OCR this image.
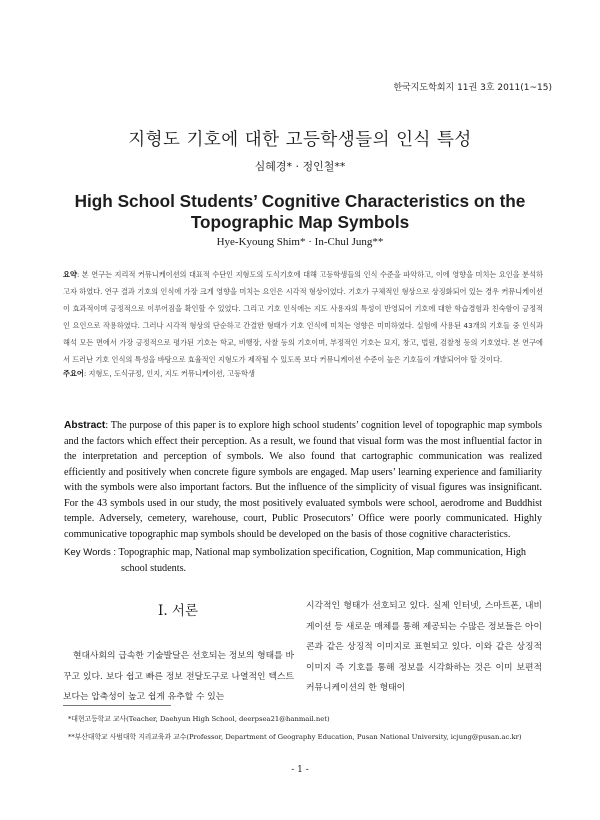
한국지도학회지 11권 3호 2011(1~15)
지형도 기호에 대한 고등학생들의 인식 특성
심혜경* · 정인철**
High School Students’ Cognitive Characteristics on the
Topographic Map Symbols
Hye-Kyoung Shim* · In-Chul Jung**
요약: 본 연구는 지리적 커뮤니케이션의 대표적 수단인 지형도의 도식기호에 대해 고등학생들의 인식 수준을 파악하고, 이에 영향을 미치는 요인을 분석하고자 하였다. 연구 결과 기호의 인식에 가장 크게 영향을 미치는 요인은 시각적 형상이었다. 기호가 구체적인 형상으로 상징화되어 있는 경우 커뮤니케이션이 효과적이며 긍정적으로 이루어짐을 확인할 수 있었다. 그리고 기호 인식에는 지도 사용자의 특성이 반영되어 기호에 대한 학습경험과 친숙함이 긍정적인 요인으로 작용하였다. 그러나 시각적 형상의 단순하고 간결한 형태가 기호 인식에 미치는 영향은 미미하였다. 실험에 사용된 43개의 기호들 중 인식과 해석 모든 면에서 가장 긍정적으로 평가된 기호는 학교, 비행장, 사찰 등의 기호이며, 부정적인 기호는 묘지, 창고, 법원, 검찰청 등의 기호였다. 본 연구에서 드러난 기호 인식의 특성을 바탕으로 효율적인 지형도가 제작될 수 있도록 보다 커뮤니케이션 수준이 높은 기호들이 개발되어야 할 것이다.
주요어: 지형도, 도식규정, 인지, 지도 커뮤니케이션, 고등학생
Abstract: The purpose of this paper is to explore high school students’ cognition level of topographic map symbols and the factors which effect their perception. As a result, we found that visual form was the most influential factor in the interpretation and perception of symbols. We also found that cartographic communication was realized efficiently and positively when concrete figure symbols are engaged. Map users’ learning experience and familiarity with the symbols were also important factors. But the influence of the simplicity of visual figures was insignificant. For the 43 symbols used in our study, the most positively evaluated symbols were school, aerodrome and Buddhist temple. Adversely, cemetery, warehouse, court, Public Prosecutors’ Office were poorly communicated. Highly communicative topographic map symbols should be developed on the basis of those cognitive characteristics.
Key Words : Topographic map, National map symbolization specification, Cognition, Map communication, High
school students.
I. 서론
현대사회의 급속한 기술발달은 선호되는 정보의 형태를 바꾸고 있다. 보다 쉽고 빠른 정보 전달도구로 나열적인 텍스트보다는 압축성이 높고 쉽게 유추할 수 있는
시각적인 형태가 선호되고 있다. 실제 인터넷, 스마트폰, 내비게이션 등 새로운 매체를 통해 제공되는 수많은 정보들은 아이콘과 같은 상징적 이미지로 표현되고 있다. 이와 같은 상징적 이미지 즉 기호를 통해 정보를 시각화하는 것은 이미 보편적 커뮤니케이션의 한 형태이
*대현고등학교 교사(Teacher, Daehyun High School, deerpsea21@hanmail.net)
**부산대학교 사범대학 지리교육과 교수(Professor, Department of Geography Education, Pusan National University, icjung@pusan.ac.kr)
- 1 -
